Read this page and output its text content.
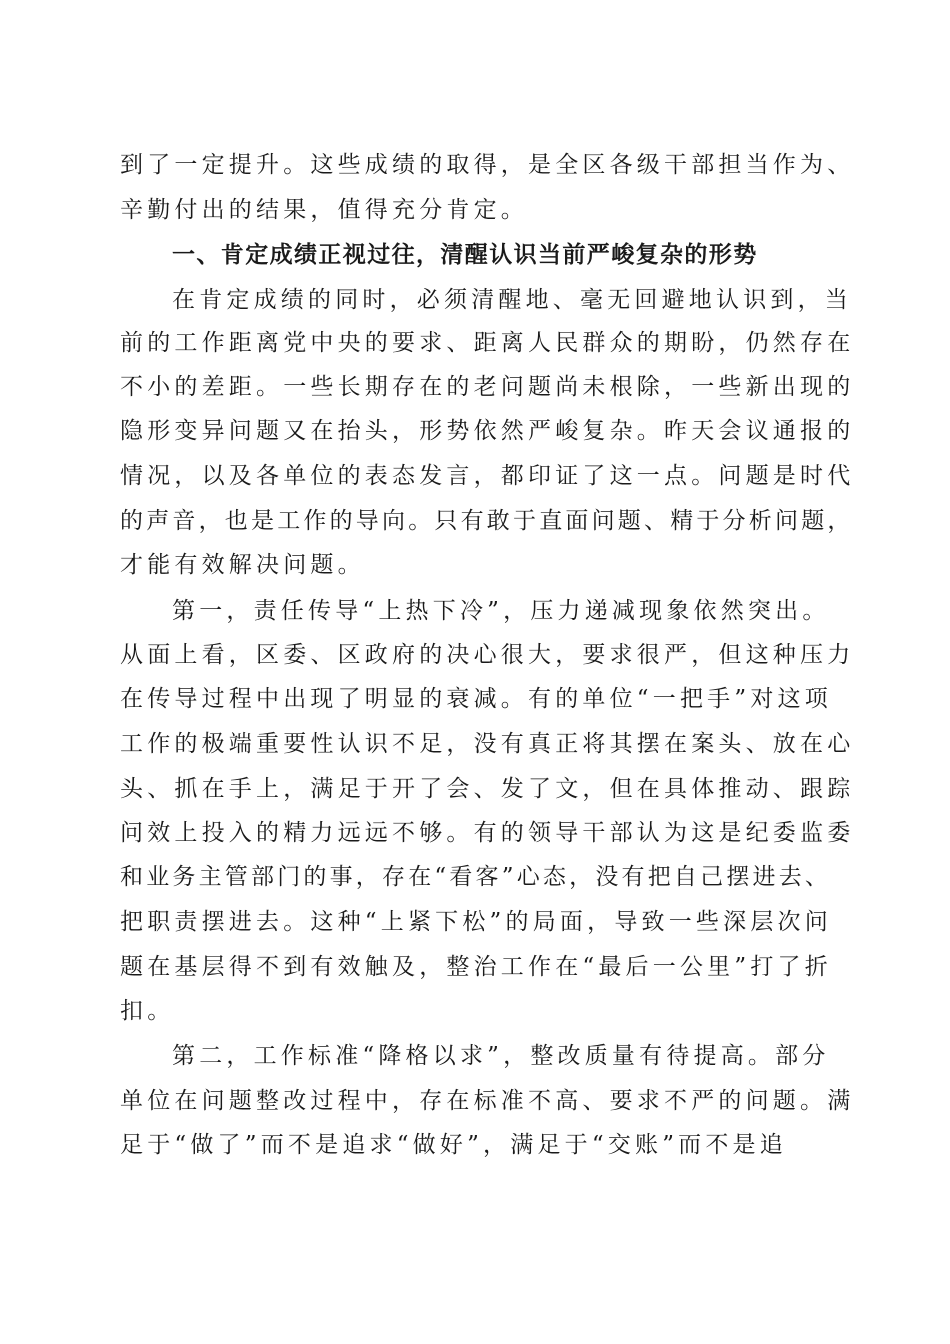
到了一定提升。这些成绩的取得，是全区各级干部担当作为、
辛勤付出的结果，值得充分肯定。
一、肯定成绩正视过往，清醒认识当前严峻复杂的形势
在肯定成绩的同时，必须清醒地、毫无回避地认识到，当
前的工作距离党中央的要求、距离人民群众的期盼，仍然存在
不小的差距。一些长期存在的老问题尚未根除，一些新出现的
隐形变异问题又在抬头，形势依然严峻复杂。昨天会议通报的
情况，以及各单位的表态发言，都印证了这一点。问题是时代
的声音，也是工作的导向。只有敢于直面问题、精于分析问题，
才能有效解决问题。
第一，责任传导“上热下冷”，压力递减现象依然突出。
从面上看，区委、区政府的决心很大，要求很严，但这种压力
在传导过程中出现了明显的衰减。有的单位“一把手”对这项
工作的极端重要性认识不足，没有真正将其摆在案头、放在心
头、抓在手上，满足于开了会、发了文，但在具体推动、跟踪
问效上投入的精力远远不够。有的领导干部认为这是纪委监委
和业务主管部门的事，存在“看客”心态，没有把自己摆进去、
把职责摆进去。这种“上紧下松”的局面，导致一些深层次问
题在基层得不到有效触及，整治工作在“最后一公里”打了折
扣。
第二，工作标准“降格以求”，整改质量有待提高。部分
单位在问题整改过程中，存在标准不高、要求不严的问题。满
足于“做了”而不是追求“做好”，满足于“交账”而不是追
